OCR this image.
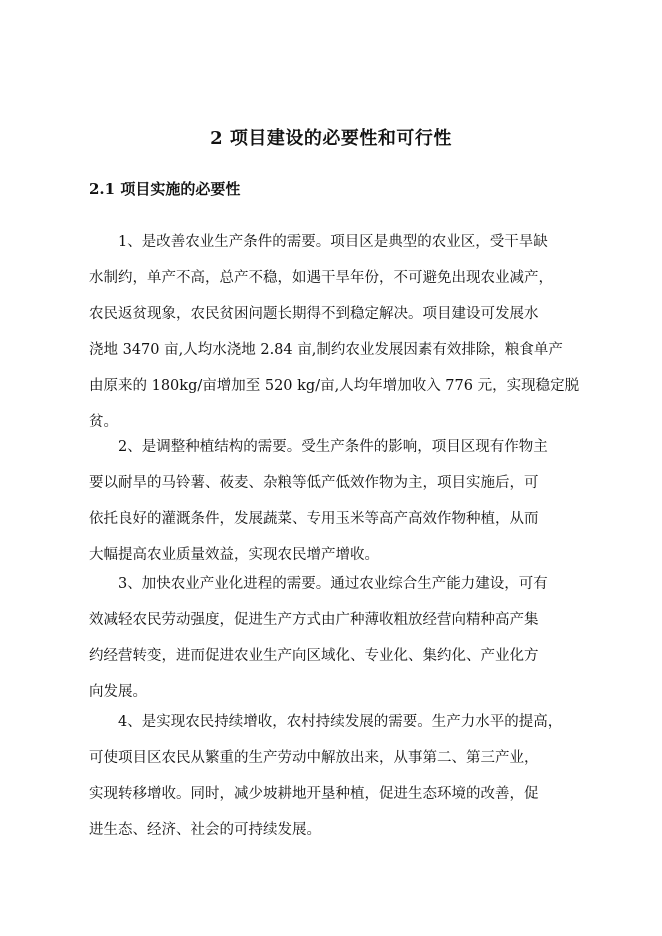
2 项目建设的必要性和可行性
2.1 项目实施的必要性
1、是改善农业生产条件的需要。项目区是典型的农业区，受干旱缺
水制约，单产不高，总产不稳，如遇干旱年份，不可避免出现农业减产，
农民返贫现象，农民贫困问题长期得不到稳定解决。项目建设可发展水
浇地 3470 亩,人均水浇地 2.84 亩,制约农业发展因素有效排除，粮食单产
由原来的 180kg/亩增加至 520 kg/亩,人均年增加收入 776 元，实现稳定脱
贫。
2、是调整种植结构的需要。受生产条件的影响，项目区现有作物主
要以耐旱的马铃薯、莜麦、杂粮等低产低效作物为主，项目实施后，可
依托良好的灌溉条件，发展蔬菜、专用玉米等高产高效作物种植，从而
大幅提高农业质量效益，实现农民增产增收。
3、加快农业产业化进程的需要。通过农业综合生产能力建设，可有
效减轻农民劳动强度，促进生产方式由广种薄收粗放经营向精种高产集
约经营转变，进而促进农业生产向区域化、专业化、集约化、产业化方
向发展。
4、是实现农民持续增收，农村持续发展的需要。生产力水平的提高，
可使项目区农民从繁重的生产劳动中解放出来，从事第二、第三产业，
实现转移增收。同时，减少坡耕地开垦种植，促进生态环境的改善，促
进生态、经济、社会的可持续发展。
